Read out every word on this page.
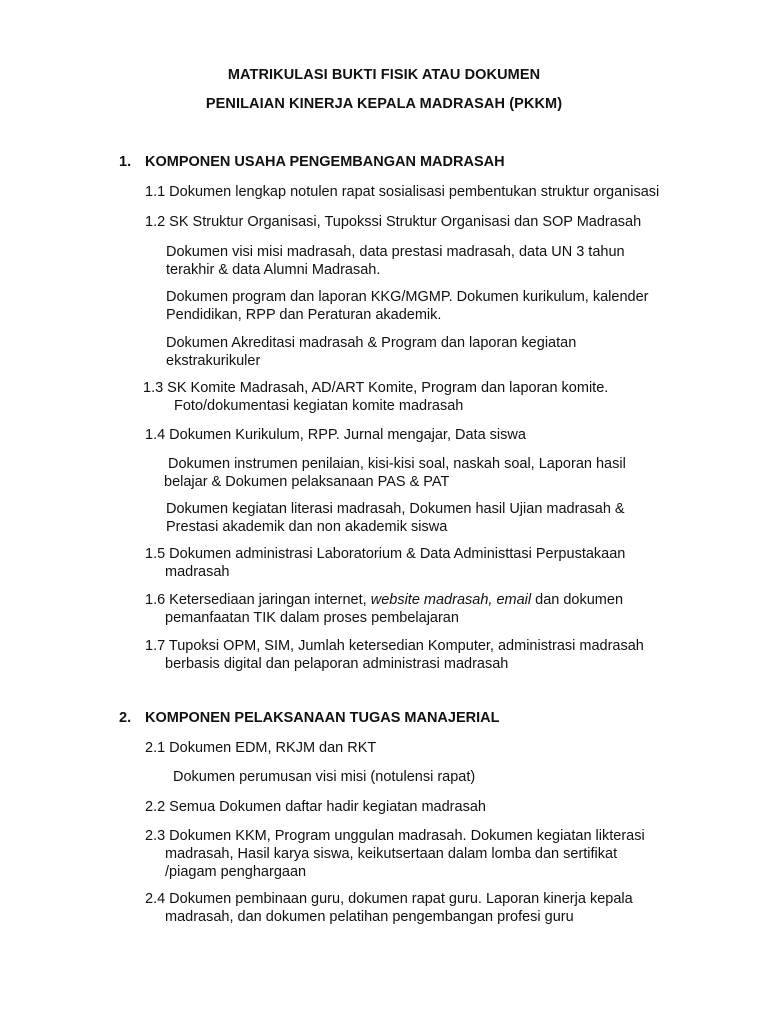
MATRIKULASI BUKTI FISIK ATAU DOKUMEN
PENILAIAN KINERJA KEPALA MADRASAH (PKKM)
1. KOMPONEN USAHA PENGEMBANGAN MADRASAH
1.1 Dokumen lengkap notulen rapat sosialisasi pembentukan struktur organisasi
1.2 SK Struktur Organisasi, Tupokssi Struktur Organisasi dan SOP Madrasah
Dokumen visi misi madrasah, data prestasi madrasah, data UN 3 tahun
terakhir & data Alumni Madrasah.
Dokumen program dan laporan KKG/MGMP. Dokumen kurikulum, kalender
Pendidikan, RPP dan Peraturan akademik.
Dokumen Akreditasi madrasah & Program dan laporan kegiatan
ekstrakurikuler
1.3 SK Komite Madrasah, AD/ART Komite, Program dan laporan komite.
Foto/dokumentasi kegiatan komite madrasah
1.4 Dokumen Kurikulum, RPP. Jurnal mengajar, Data siswa
Dokumen instrumen penilaian, kisi-kisi soal, naskah soal, Laporan hasil
belajar & Dokumen pelaksanaan PAS & PAT
Dokumen kegiatan literasi madrasah, Dokumen hasil Ujian madrasah &
Prestasi akademik dan non akademik siswa
1.5 Dokumen administrasi Laboratorium & Data Administtasi Perpustakaan
madrasah
1.6 Ketersediaan jaringan internet, website madrasah, email dan dokumen
pemanfaatan TIK dalam proses pembelajaran
1.7 Tupoksi OPM, SIM, Jumlah ketersedian Komputer, administrasi madrasah
berbasis digital dan pelaporan administrasi madrasah
2. KOMPONEN PELAKSANAAN TUGAS MANAJERIAL
2.1 Dokumen EDM, RKJM dan RKT
Dokumen perumusan visi misi (notulensi rapat)
2.2 Semua Dokumen daftar hadir kegiatan madrasah
2.3 Dokumen KKM, Program unggulan madrasah. Dokumen kegiatan likterasi
madrasah, Hasil karya siswa, keikutsertaan dalam lomba dan sertifikat
/piagam penghargaan
2.4 Dokumen pembinaan guru, dokumen rapat guru. Laporan kinerja kepala
madrasah, dan dokumen pelatihan pengembangan profesi guru
